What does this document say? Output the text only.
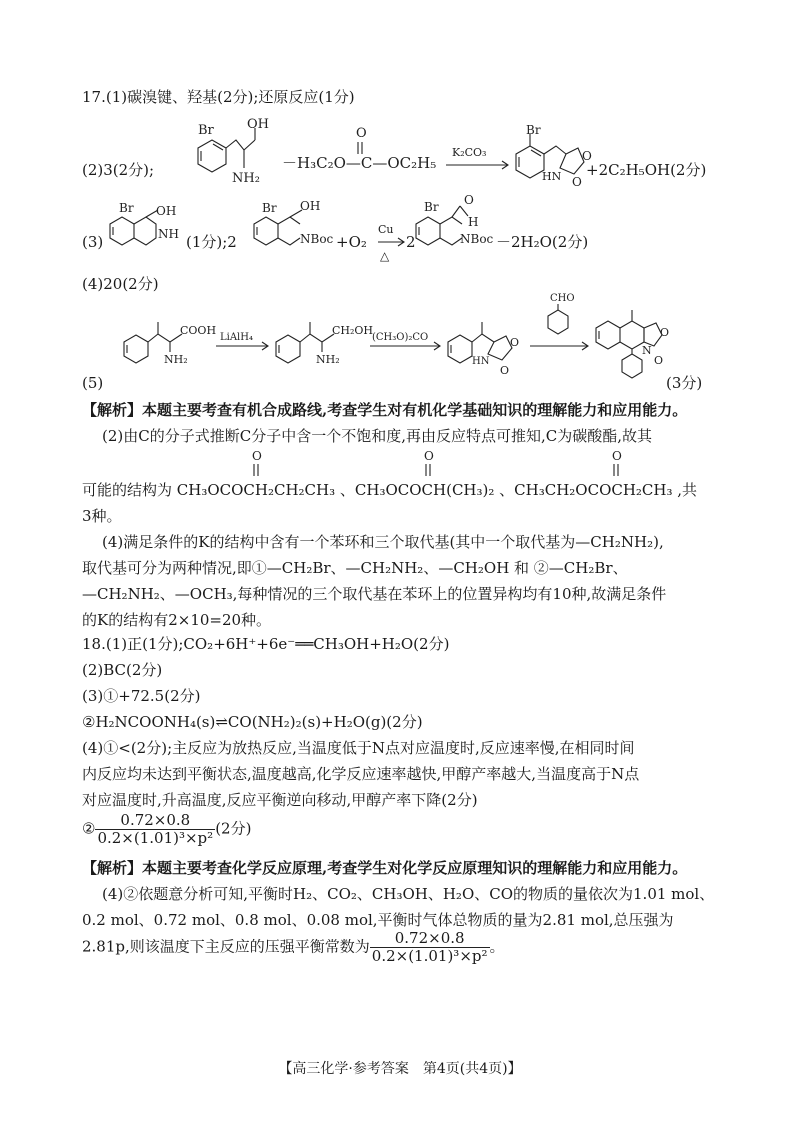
17.(1)碳溴键、羟基(2分);还原反应(1分)
(2)3(2分);
Br	OH
NH₂
O
－H₃C₂O—C—OC₂H₅
K₂CO₃
Br
O
HN O
+2C₂H₅OH(2分)
(3)
Br OH
NH (1分);2
Br OH
NBoc +O₂
Cu
△
2
Br O
H
NBoc －2H₂O(2分)
(4)20(2分)
COOH
NH₂
LiAlH₄
CH₂OH
NH₂
(CH₃O)₂CO	O
HN
O
CHO
O
N
O
(5)	(3分)
【解析】本题主要考查有机合成路线,考查学生对有机化学基础知识的理解能力和应用能力。
(2)由C的分子式推断C分子中含一个不饱和度,再由反应特点可推知,C为碳酸酯,故其
O	O	O
可能的结构为 CH₃OCOCH₂CH₂CH₃ 、CH₃OCOCH(CH₃)₂ 、CH₃CH₂OCOCH₂CH₃ ,共
3种。
(4)满足条件的K的结构中含有一个苯环和三个取代基(其中一个取代基为—CH₂NH₂),
取代基可分为两种情况,即①—CH₂Br、—CH₂NH₂、—CH₂OH 和 ②—CH₂Br、
—CH₂NH₂、—OCH₃,每种情况的三个取代基在苯环上的位置异构均有10种,故满足条件
的K的结构有2×10=20种。
18.(1)正(1分);CO₂+6H⁺+6e⁻══CH₃OH+H₂O(2分)
(2)BC(2分)
(3)①+72.5(2分)
②H₂NCOONH₄(s)⇌CO(NH₂)₂(s)+H₂O(g)(2分)
(4)①<(2分);主反应为放热反应,当温度低于N点对应温度时,反应速率慢,在相同时间
内反应均未达到平衡状态,温度越高,化学反应速率越快,甲醇产率越大,当温度高于N点
对应温度时,升高温度,反应平衡逆向移动,甲醇产率下降(2分)
② $\frac{0.72\times 0.8}{\text{0.2×(1.01)³×p²}} (2$分)
【解析】本题主要考查化学反应原理,考查学生对化学反应原理知识的理解能力和应用能力。
(4)②依题意分析可知,平衡时H₂、CO₂、CH₃OH、H₂O、CO的物质的量依次为1.01 mol、
0.2 mol、0.72 mol、0.8 mol、0.08 mol,平衡时气体总物质的量为2.81 mol,总压强为
2.81p,则该温度下主反应的压强平衡常数为 $\frac{0.72\times 0.8}{\text{0.2×(1.01)³×p²}}$ 。
【高三化学·参考答案　第4页(共4页)】
